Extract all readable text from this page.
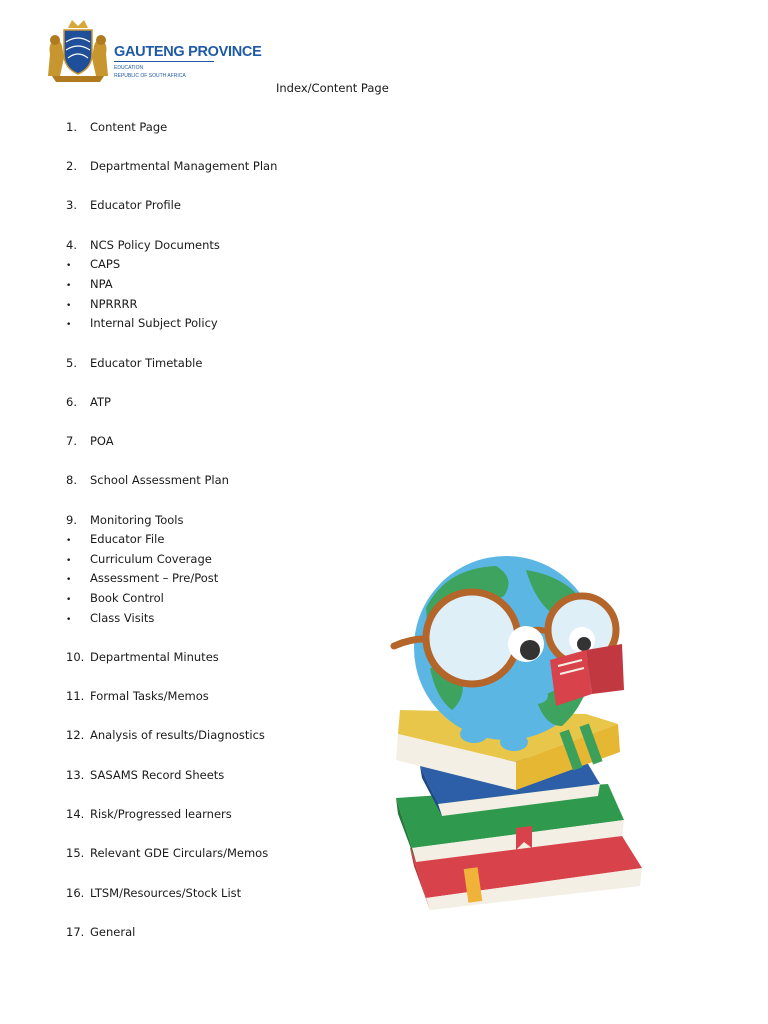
GAUTENG PROVINCE
EDUCATION
REPUBLIC OF SOUTH AFRICA
Index/Content Page
1. Content Page
2. Departmental Management Plan
3. Educator Profile
4. NCS Policy Documents
• CAPS
• NPA
• NPRRRR
• Internal Subject Policy
5. Educator Timetable
6. ATP
7. POA
8. School Assessment Plan
9. Monitoring Tools
• Educator File
• Curriculum Coverage
• Assessment – Pre/Post
• Book Control
• Class Visits
10. Departmental Minutes
11. Formal Tasks/Memos
12. Analysis of results/Diagnostics
13. SASAMS Record Sheets
14. Risk/Progressed learners
15. Relevant GDE Circulars/Memos
16. LTSM/Resources/Stock List
17. General
